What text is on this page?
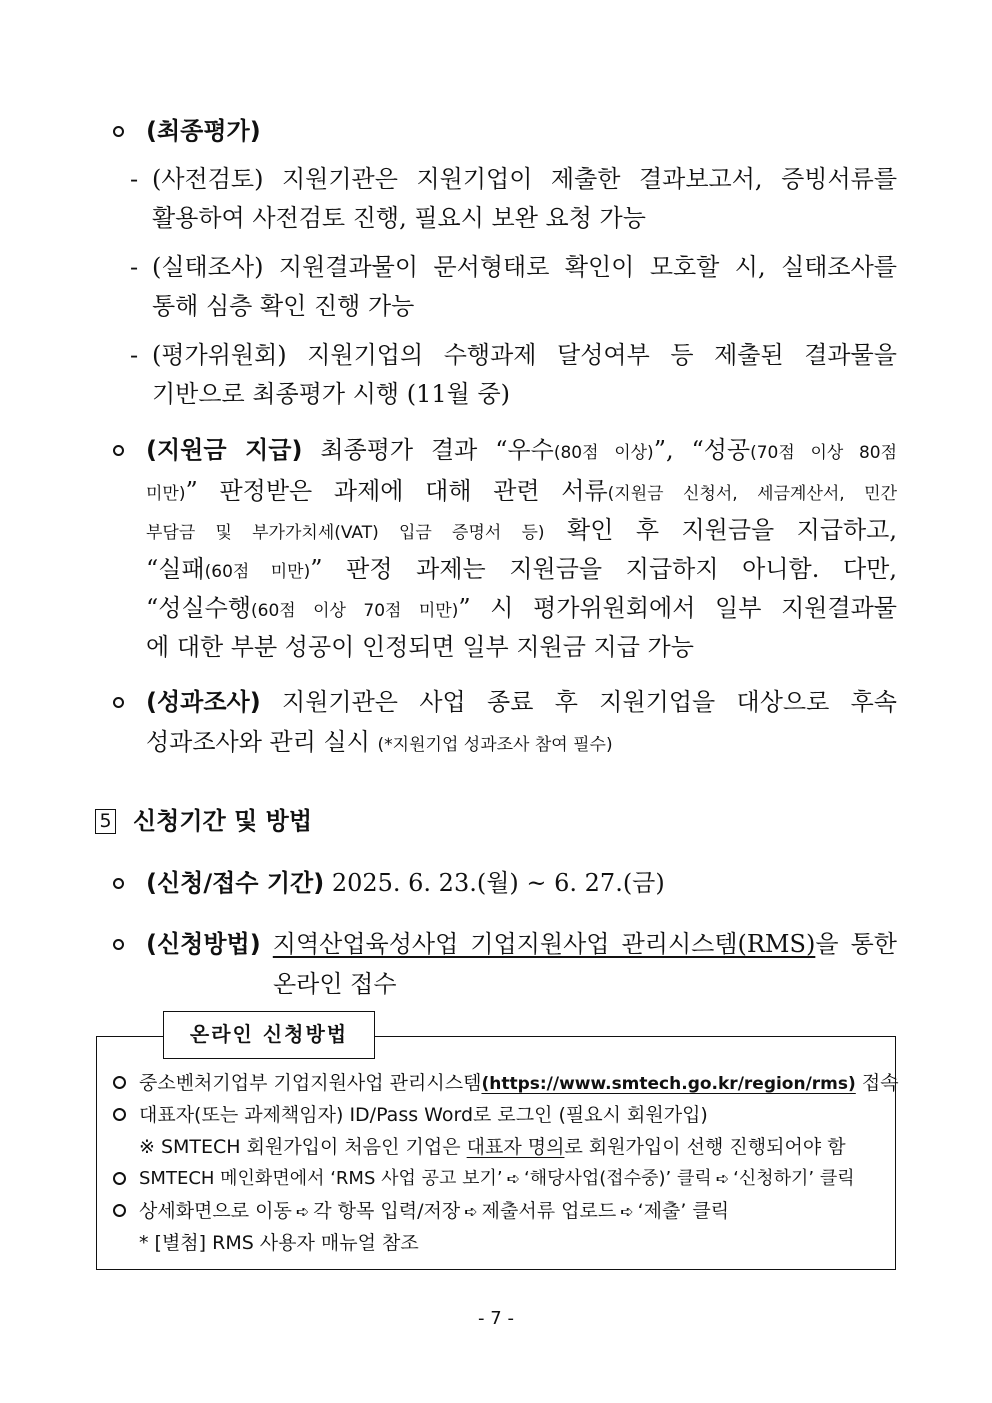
(최종평가)
- (사전검토) 지원기관은 지원기업이 제출한 결과보고서, 증빙서류를
활용하여 사전검토 진행, 필요시 보완 요청 가능
- (실태조사) 지원결과물이 문서형태로 확인이 모호할 시, 실태조사를
통해 심층 확인 진행 가능
- (평가위원회) 지원기업의 수행과제 달성여부 등 제출된 결과물을
기반으로 최종평가 시행 (11월 중)
(지원금 지급) 최종평가 결과 “우수(80점 이상)”, “성공(70점 이상 80점
미만)” 판정받은 과제에 대해 관련 서류(지원금 신청서, 세금계산서, 민간
부담금 및 부가가치세(VAT) 입금 증명서 등) 확인 후 지원금을 지급하고,
“실패(60점 미만)” 판정 과제는 지원금을 지급하지 아니함. 다만,
“성실수행(60점 이상 70점 미만)” 시 평가위원회에서 일부 지원결과물
에 대한 부분 성공이 인정되면 일부 지원금 지급 가능
(성과조사) 지원기관은 사업 종료 후 지원기업을 대상으로 후속
성과조사와 관리 실시 (*지원기업 성과조사 참여 필수)
5 신청기간 및 방법
(신청/접수 기간) 2025. 6. 23.(월) ~ 6. 27.(금)
(신청방법) 지역산업육성사업 기업지원사업 관리시스템(RMS)을 통한
온라인 접수
온라인 신청방법
중소벤처기업부 기업지원사업 관리시스템(https://www.smtech.go.kr/region/rms) 접속
대표자(또는 과제책임자) ID/Pass Word로 로그인 (필요시 회원가입)
※ SMTECH 회원가입이 처음인 기업은 대표자 명의로 회원가입이 선행 진행되어야 함
SMTECH 메인화면에서 ‘RMS 사업 공고 보기’ ➪ ‘해당사업(접수중)’ 클릭 ➪ ‘신청하기’ 클릭
상세화면으로 이동 ➪ 각 항목 입력/저장 ➪ 제출서류 업로드 ➪ ‘제출’ 클릭
* [별첨] RMS 사용자 매뉴얼 참조
- 7 -
